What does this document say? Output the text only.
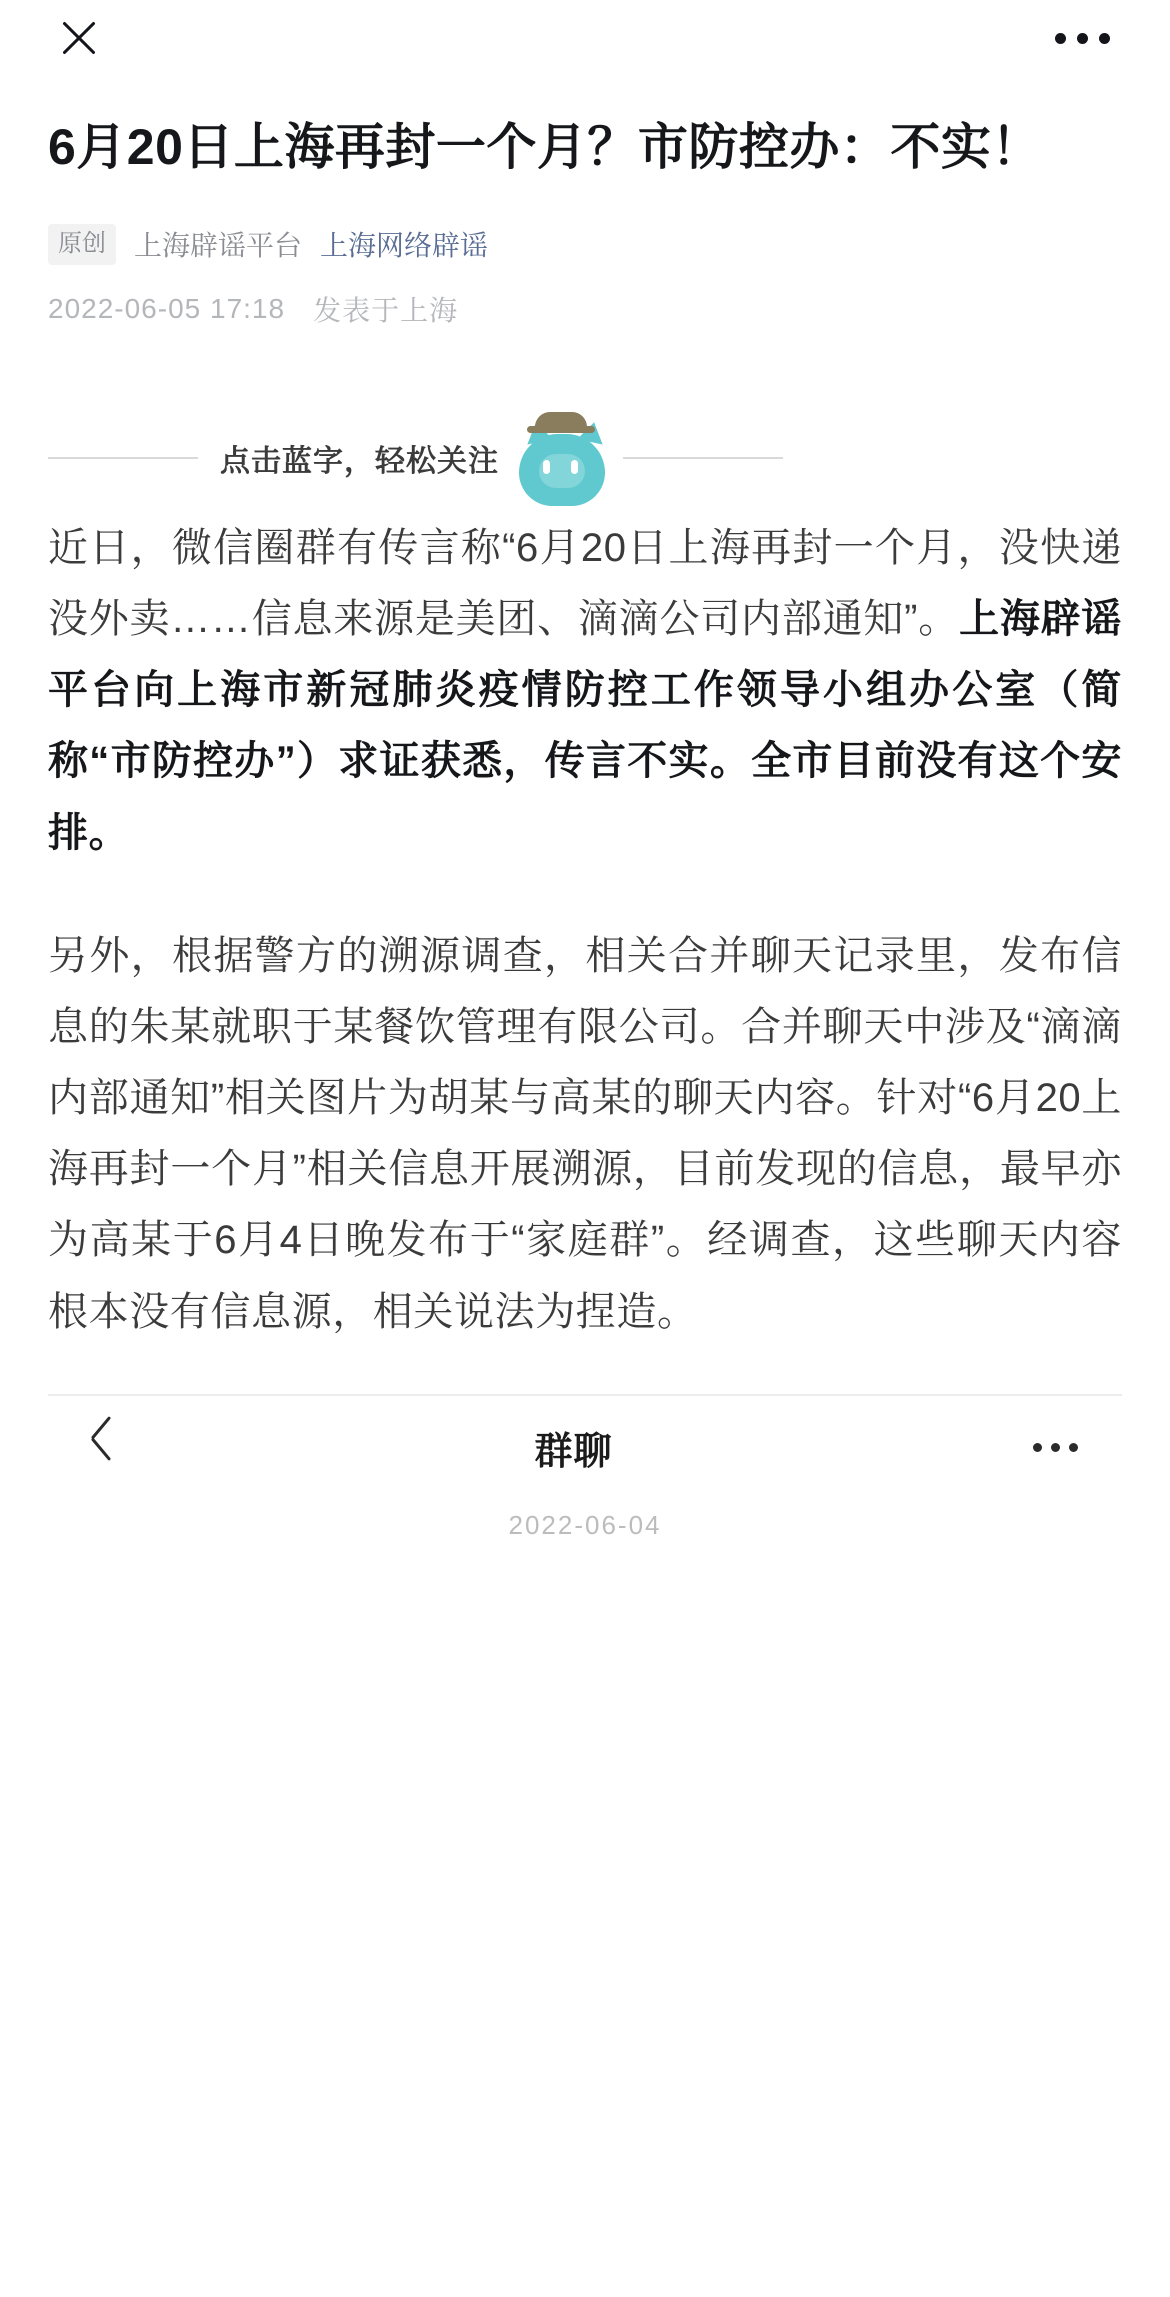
6月20日上海再封一个月？市防控办：不实！
原创	上海辟谣平台 上海网络辟谣
2022-06-05 17:18 发表于上海
点击蓝字，轻松关注

近日，微信圈群有传言称“6月20日上海再封一个月，没快递没外卖……信息来源是美团、滴滴公司内部通知”。上海辟谣平台向上海市新冠肺炎疫情防控工作领导小组办公室（简称“市防控办”）求证获悉，传言不实。全市目前没有这个安排。

另外，根据警方的溯源调查，相关合并聊天记录里，发布信息的朱某就职于某餐饮管理有限公司。合并聊天中涉及“滴滴内部通知”相关图片为胡某与高某的聊天内容。针对“6月20上海再封一个月”相关信息开展溯源，目前发现的信息，最早亦为高某于6月4日晚发布于“家庭群”。经调查，这些聊天内容根本没有信息源，相关说法为捏造。

群聊
2022-06-04
